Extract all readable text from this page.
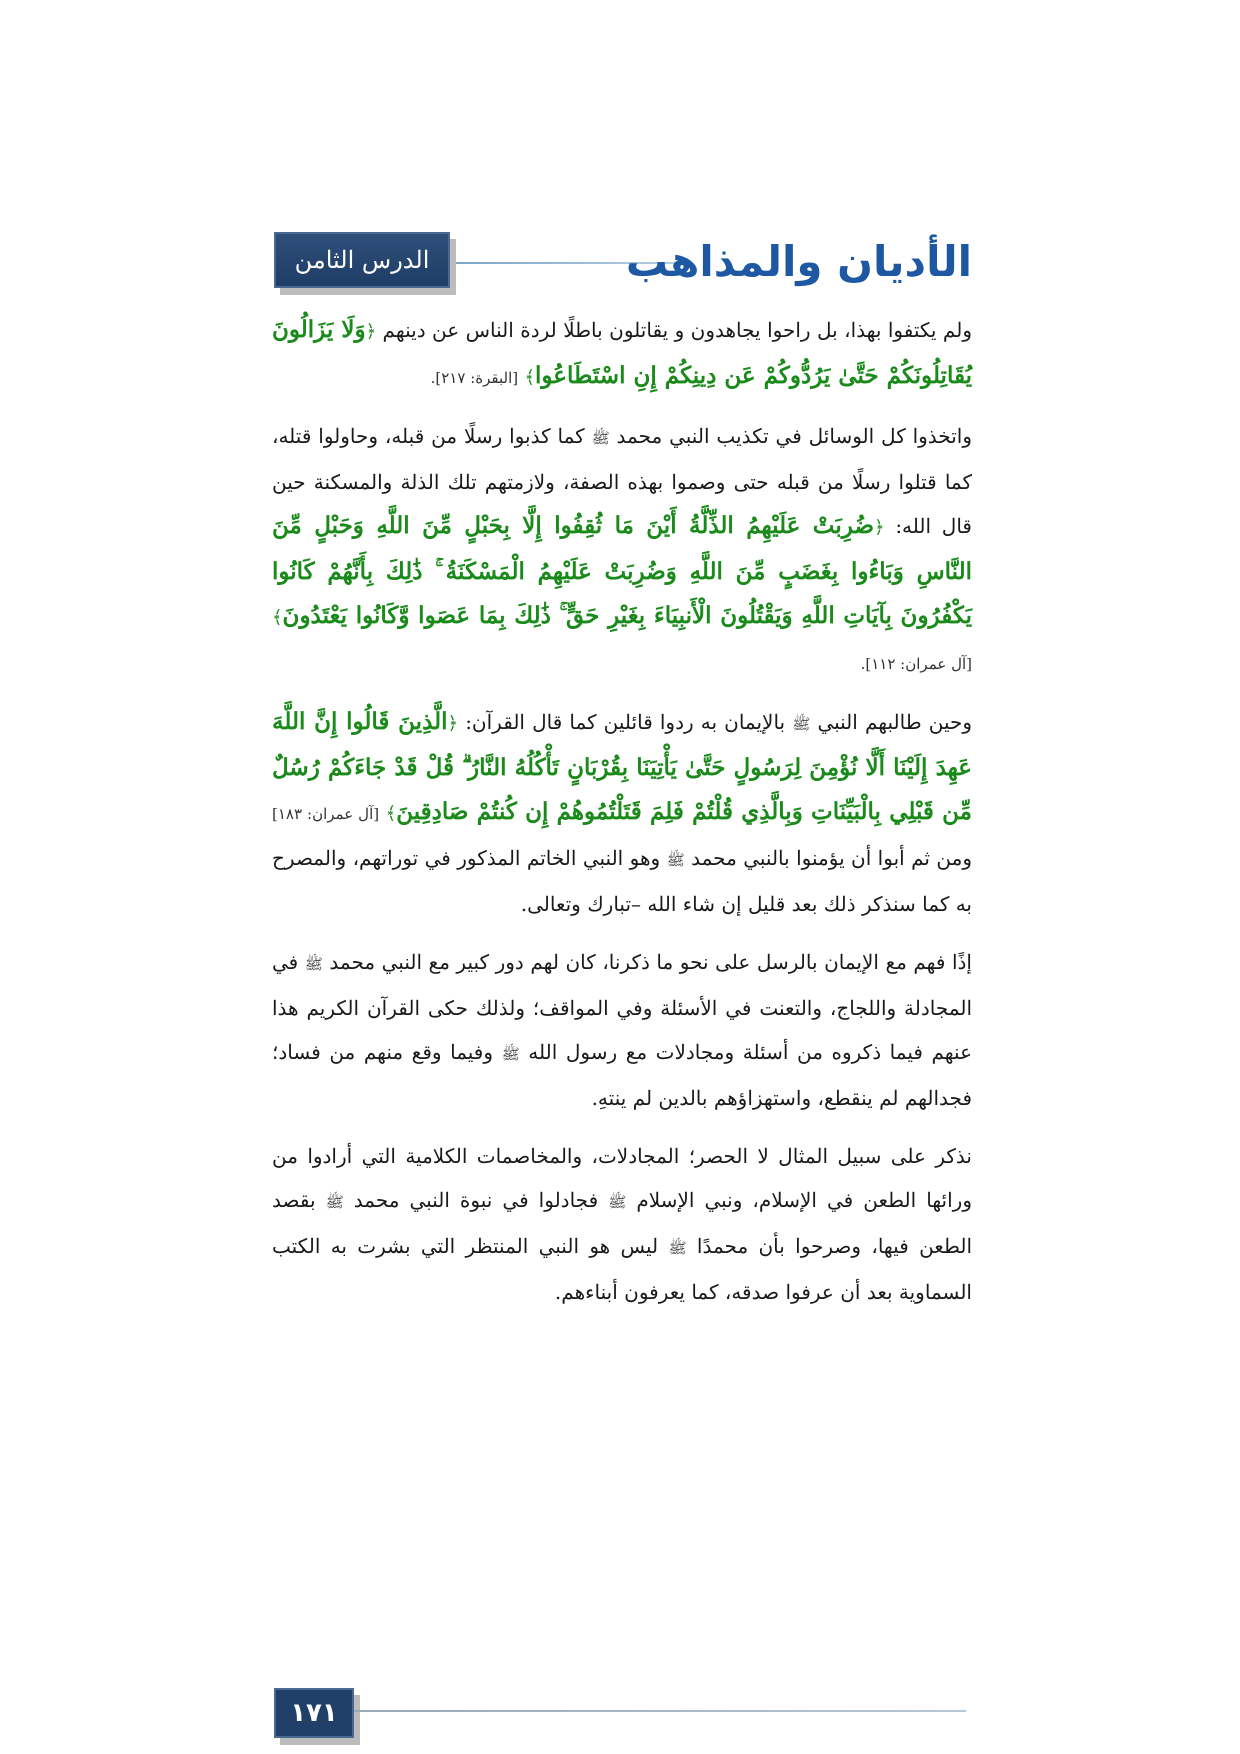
الأديان والمذاهب
الدرس الثامن

ولم يكتفوا بهذا، بل راحوا يجاهدون و يقاتلون باطلًا لردة الناس عن دينهم ﴿وَلَا يَزَالُونَ يُقَاتِلُونَكُمْ حَتَّىٰ يَرُدُّوكُمْ عَن دِينِكُمْ إِنِ اسْتَطَاعُوا﴾ [البقرة: ٢١٧].

واتخذوا كل الوسائل في تكذيب النبي محمد ﷺ كما كذبوا رسلًا من قبله، وحاولوا قتله، كما قتلوا رسلًا من قبله حتى وصموا بهذه الصفة، ولازمتهم تلك الذلة والمسكنة حين قال الله: ﴿ضُرِبَتْ عَلَيْهِمُ الذِّلَّةُ أَيْنَ مَا ثُقِفُوا إِلَّا بِحَبْلٍ مِّنَ اللَّهِ وَحَبْلٍ مِّنَ النَّاسِ وَبَاءُوا بِغَضَبٍ مِّنَ اللَّهِ وَضُرِبَتْ عَلَيْهِمُ الْمَسْكَنَةُ ۚ ذَٰلِكَ بِأَنَّهُمْ كَانُوا يَكْفُرُونَ بِآيَاتِ اللَّهِ وَيَقْتُلُونَ الْأَنبِيَاءَ بِغَيْرِ حَقٍّ ۚ ذَٰلِكَ بِمَا عَصَوا وَّكَانُوا يَعْتَدُونَ﴾ [آل عمران: ١١٢].

وحين طالبهم النبي ﷺ بالإيمان به ردوا قائلين كما قال القرآن: ﴿الَّذِينَ قَالُوا إِنَّ اللَّهَ عَهِدَ إِلَيْنَا أَلَّا نُؤْمِنَ لِرَسُولٍ حَتَّىٰ يَأْتِيَنَا بِقُرْبَانٍ تَأْكُلُهُ النَّارُ ۗ قُلْ قَدْ جَاءَكُمْ رُسُلٌ مِّن قَبْلِي بِالْبَيِّنَاتِ وَبِالَّذِي قُلْتُمْ فَلِمَ قَتَلْتُمُوهُمْ إِن كُنتُمْ صَادِقِينَ﴾ [آل عمران: ١٨٣] ومن ثم أبوا أن يؤمنوا بالنبي محمد ﷺ وهو النبي الخاتم المذكور في توراتهم، والمصرح به كما سنذكر ذلك بعد قليل إن شاء الله –تبارك وتعالى.

إذًا فهم مع الإيمان بالرسل على نحو ما ذكرنا، كان لهم دور كبير مع النبي محمد ﷺ في المجادلة واللجاج، والتعنت في الأسئلة وفي المواقف؛ ولذلك حكى القرآن الكريم هذا عنهم فيما ذكروه من أسئلة ومجادلات مع رسول الله ﷺ وفيما وقع منهم من فساد؛ فجدالهم لم ينقطع، واستهزاؤهم بالدين لم ينتهِ.

نذكر على سبيل المثال لا الحصر؛ المجادلات، والمخاصمات الكلامية التي أرادوا من ورائها الطعن في الإسلام، ونبي الإسلام ﷺ فجادلوا في نبوة النبي محمد ﷺ بقصد الطعن فيها، وصرحوا بأن محمدًا ﷺ ليس هو النبي المنتظر التي بشرت به الكتب السماوية بعد أن عرفوا صدقه، كما يعرفون أبناءهم.

١٧١
